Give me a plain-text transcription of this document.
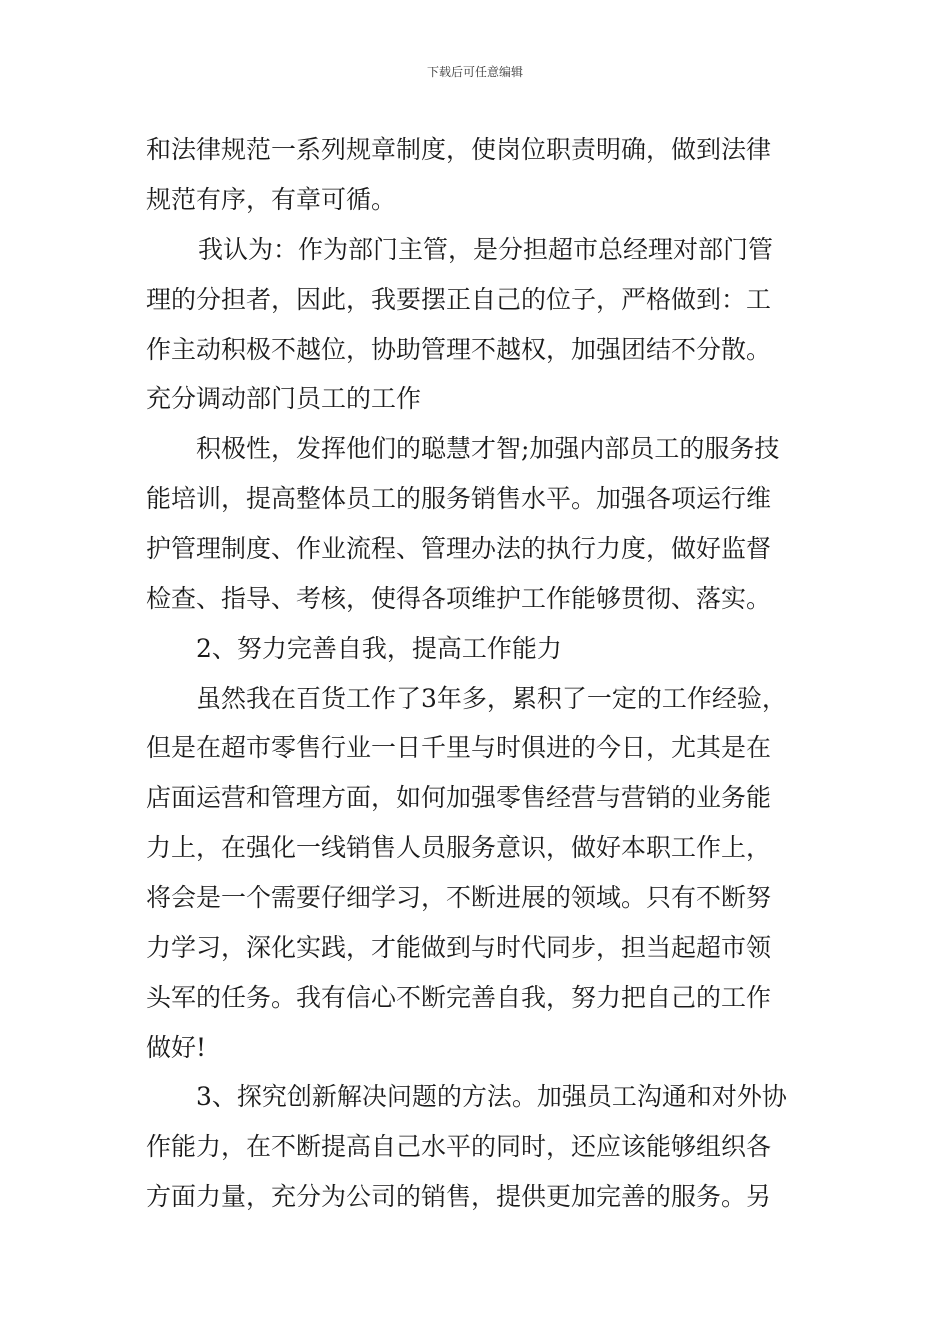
下载后可任意编辑
和法律规范一系列规章制度，使岗位职责明确，做到法律
规范有序，有章可循。
我认为：作为部门主管，是分担超市总经理对部门管
理的分担者，因此，我要摆正自己的位子，严格做到：工
作主动积极不越位，协助管理不越权，加强团结不分散。
充分调动部门员工的工作
积极性，发挥他们的聪慧才智;加强内部员工的服务技
能培训，提高整体员工的服务销售水平。加强各项运行维
护管理制度、作业流程、管理办法的执行力度，做好监督
检查、指导、考核，使得各项维护工作能够贯彻、落实。
2、努力完善自我，提高工作能力
虽然我在百货工作了3年多，累积了一定的工作经验，
但是在超市零售行业一日千里与时俱进的今日，尤其是在
店面运营和管理方面，如何加强零售经营与营销的业务能
力上，在强化一线销售人员服务意识，做好本职工作上，
将会是一个需要仔细学习，不断进展的领域。只有不断努
力学习，深化实践，才能做到与时代同步，担当起超市领
头军的任务。我有信心不断完善自我，努力把自己的工作
做好!
3、探究创新解决问题的方法。加强员工沟通和对外协
作能力，在不断提高自己水平的同时，还应该能够组织各
方面力量，充分为公司的销售，提供更加完善的服务。另
